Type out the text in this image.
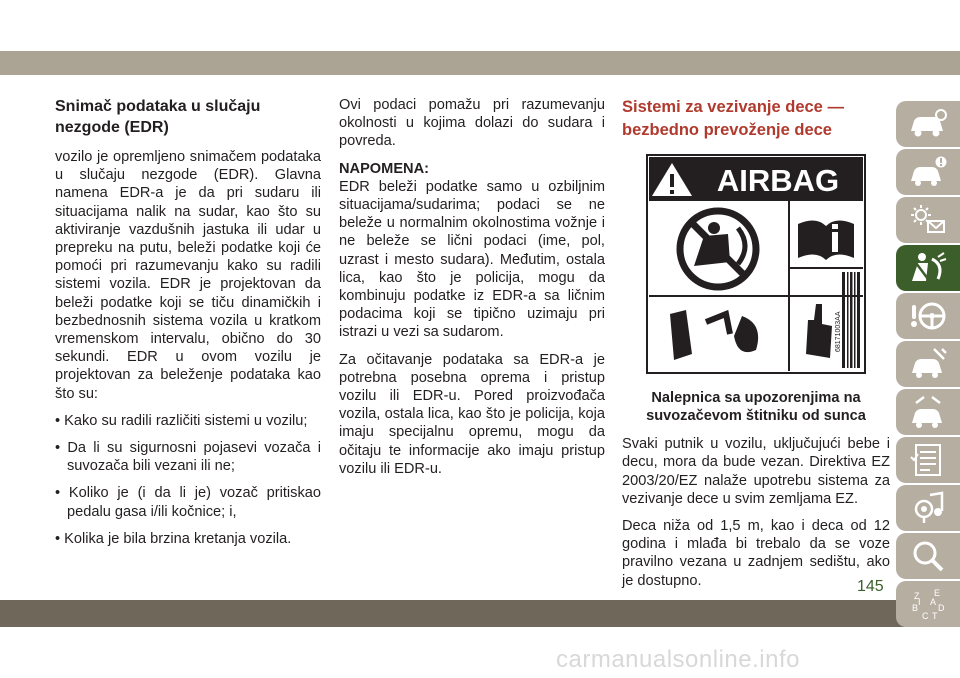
Snimač podataka u slučaju nezgode (EDR)

vozilo je opremljeno snimačem podataka u slučaju nezgode (EDR). Glavna namena EDR-a je da pri sudaru ili situacijama nalik na sudar, kao što su aktiviranje vazdušnih jastuka ili udar u prepreku na putu, beleži podatke koji će pomoći pri razumevanju kako su radili sistemi vozila. EDR je projektovan da beleži podatke koji se tiču dinamičkih i bezbednosnih sistema vozila u kratkom vremenskom intervalu, obično do 30 sekundi. EDR u ovom vozilu je projektovan za beleženje podataka kao što su:

• Kako su radili različiti sistemi u vozilu;
• Da li su sigurnosni pojasevi vozača i suvozača bili vezani ili ne;
• Koliko je (i da li je) vozač pritiskao pedalu gasa i/ili kočnice; i,
• Kolika je bila brzina kretanja vozila.

Ovi podaci pomažu pri razumevanju okolnosti u kojima dolazi do sudara i povreda.

NAPOMENA:

EDR beleži podatke samo u ozbiljnim situacijama/sudarima; podaci se ne beleže u normalnim okolnostima vožnje i ne beleže se lični podaci (ime, pol, uzrast i mesto sudara). Međutim, ostala lica, kao što je policija, mogu da kombinuju podatke iz EDR-a sa ličnim podacima koji se tipično uzimaju pri istrazi u vezi sa sudarom.

Za očitavanje podataka sa EDR-a je potrebna posebna oprema i pristup vozilu ili EDR-u. Pored proizvođača vozila, ostala lica, kao što je policija, koja imaju specijalnu opremu, mogu da očitaju te informacije ako imaju pristup vozilu ili EDR-u.

Sistemi za vezivanje dece — bezbedno prevoženje dece
AIRBAG
68171003AA
Nalepnica sa upozorenjima na suvozačevom štitniku od sunca

Svaki putnik u vozilu, uključujući bebe i decu, mora da bude vezan. Direktiva EZ 2003/20/EZ nalaže upotrebu sistema za vezivanje dece u svim zemljama EZ.

Deca niža od 1,5 m, kao i deca od 12 godina i mlađa bi trebalo da se voze pravilno vezana u zadnjem sedištu, ako je dostupno.

Z E
B
C
D
A
I
T
145
carmanualsonline.info
